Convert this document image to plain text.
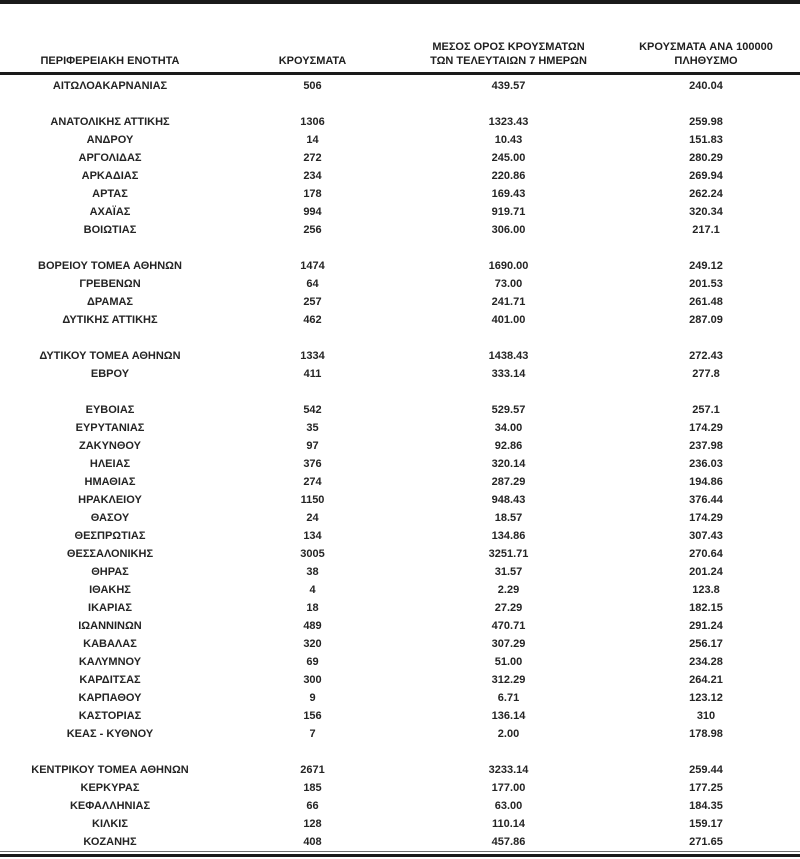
ΠΕΡΙΦΕΡΕΙΑΚΗ ΕΝΟΤΗΤΑ	ΚΡΟΥΣΜΑΤΑ
ΜΕΣΟΣ ΟΡΟΣ ΚΡΟΥΣΜΑΤΩΝ
ΤΩΝ ΤΕΛΕΥΤΑΙΩΝ 7 ΗΜΕΡΩΝ
ΚΡΟΥΣΜΑΤΑ ΑΝΑ 100000
ΠΛΗΘΥΣΜΟ
ΑΙΤΩΛΟΑΚΑΡΝΑΝΙΑΣ	506	439.57	240.04
ΑΝΑΤΟΛΙΚΗΣ ΑΤΤΙΚΗΣ	1306	1323.43	259.98
ΑΝΔΡΟΥ	14	10.43	151.83
ΑΡΓΟΛΙΔΑΣ	272	245.00	280.29
ΑΡΚΑΔΙΑΣ	234	220.86	269.94
ΑΡΤΑΣ	178	169.43	262.24
ΑΧΑΪΑΣ	994	919.71	320.34
ΒΟΙΩΤΙΑΣ	256	306.00	217.1
ΒΟΡΕΙΟΥ ΤΟΜΕΑ ΑΘΗΝΩΝ	1474	1690.00	249.12
ΓΡΕΒΕΝΩΝ	64	73.00	201.53
ΔΡΑΜΑΣ	257	241.71	261.48
ΔΥΤΙΚΗΣ ΑΤΤΙΚΗΣ	462	401.00	287.09
ΔΥΤΙΚΟΥ ΤΟΜΕΑ ΑΘΗΝΩΝ	1334	1438.43	272.43
ΕΒΡΟΥ	411	333.14	277.8
ΕΥΒΟΙΑΣ	542	529.57	257.1
ΕΥΡΥΤΑΝΙΑΣ	35	34.00	174.29
ΖΑΚΥΝΘΟΥ	97	92.86	237.98
ΗΛΕΙΑΣ	376	320.14	236.03
ΗΜΑΘΙΑΣ	274	287.29	194.86
ΗΡΑΚΛΕΙΟΥ	1150	948.43	376.44
ΘΑΣΟΥ	24	18.57	174.29
ΘΕΣΠΡΩΤΙΑΣ	134	134.86	307.43
ΘΕΣΣΑΛΟΝΙΚΗΣ	3005	3251.71	270.64
ΘΗΡΑΣ	38	31.57	201.24
ΙΘΑΚΗΣ	4	2.29	123.8
ΙΚΑΡΙΑΣ	18	27.29	182.15
ΙΩΑΝΝΙΝΩΝ	489	470.71	291.24
ΚΑΒΑΛΑΣ	320	307.29	256.17
ΚΑΛΥΜΝΟΥ	69	51.00	234.28
ΚΑΡΔΙΤΣΑΣ	300	312.29	264.21
ΚΑΡΠΑΘΟΥ	9	6.71	123.12
ΚΑΣΤΟΡΙΑΣ	156	136.14	310
ΚΕΑΣ - ΚΥΘΝΟΥ	7	2.00	178.98
ΚΕΝΤΡΙΚΟΥ ΤΟΜΕΑ ΑΘΗΝΩΝ	2671	3233.14	259.44
ΚΕΡΚΥΡΑΣ	185	177.00	177.25
ΚΕΦΑΛΛΗΝΙΑΣ	66	63.00	184.35
ΚΙΛΚΙΣ	128	110.14	159.17
ΚΟΖΑΝΗΣ	408	457.86	271.65
